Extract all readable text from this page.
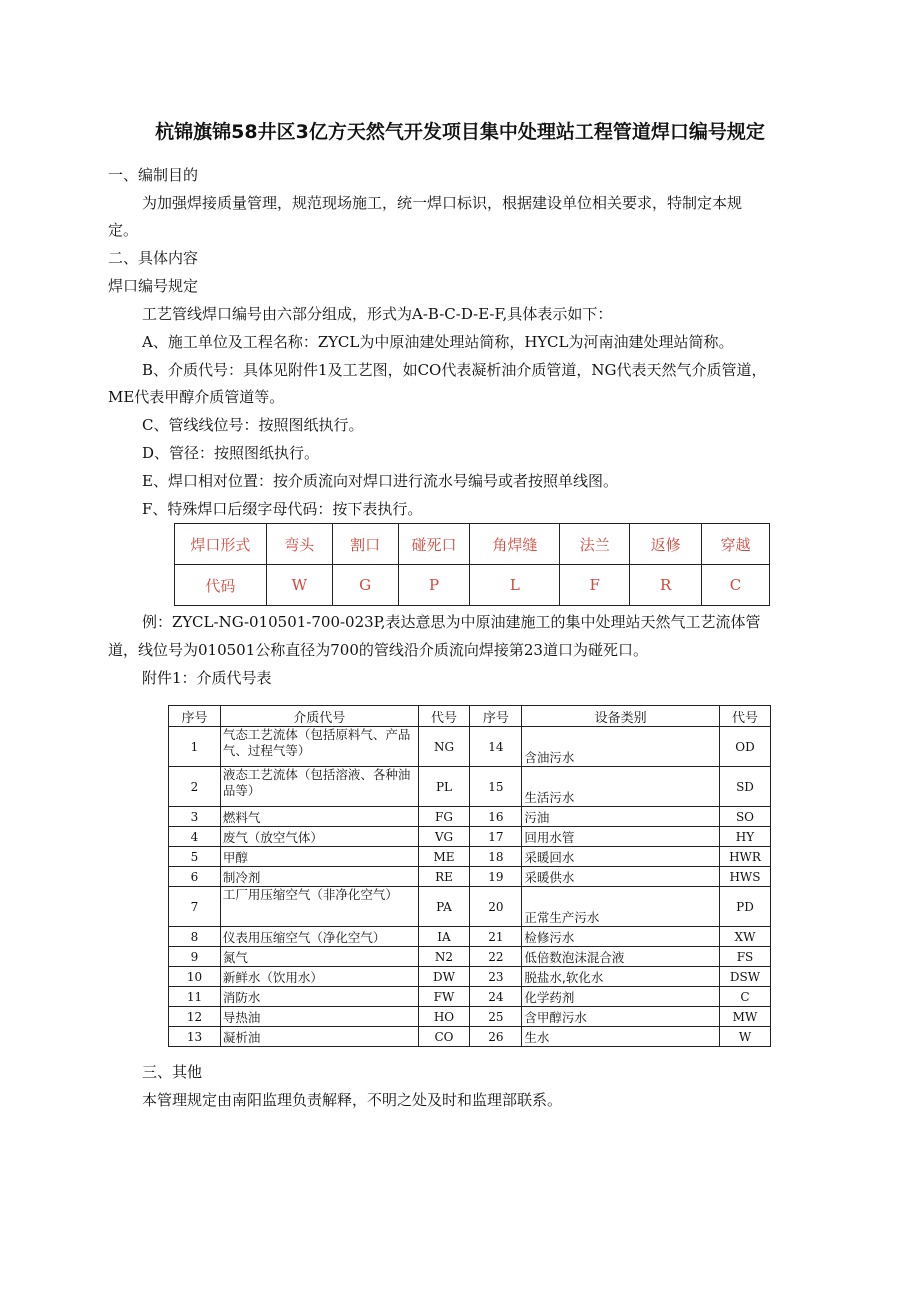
杭锦旗锦58井区3亿方天然气开发项目集中处理站工程管道焊口编号规定
一、编制目的
为加强焊接质量管理，规范现场施工，统一焊口标识，根据建设单位相关要求，特制定本规
定。
二、具体内容
焊口编号规定
工艺管线焊口编号由六部分组成，形式为A-B-C-D-E-F,具体表示如下：
A、施工单位及工程名称：ZYCL为中原油建处理站简称，HYCL为河南油建处理站简称。
B、介质代号：具体见附件1及工艺图，如CO代表凝析油介质管道，NG代表天然气介质管道，
ME代表甲醇介质管道等。
C、管线线位号：按照图纸执行。
D、管径：按照图纸执行。
E、焊口相对位置：按介质流向对焊口进行流水号编号或者按照单线图。
F、特殊焊口后缀字母代码：按下表执行。
焊口形式	弯头	割口	碰死口	角焊缝	法兰	返修	穿越
代码	W	G	P	L	F	R	C
例：ZYCL-NG-010501-700-023P,表达意思为中原油建施工的集中处理站天然气工艺流体管
道，线位号为010501公称直径为700的管线沿介质流向焊接第23道口为碰死口。
附件1：介质代号表
序号	介质代号	代号	序号	设备类别	代号
1	气态工艺流体（包括原料气、产品气、过程气等）	NG	14	含油污水	OD
2	液态工艺流体（包括溶液、各种油品等）	PL	15	生活污水	SD
3	燃料气	FG	16	污油	SO
4	废气（放空气体）	VG	17	回用水管	HY
5	甲醇	ME	18	采暖回水	HWR
6	制冷剂	RE	19	采暖供水	HWS
7	工厂用压缩空气（非净化空气）	PA	20	正常生产污水	PD
8	仪表用压缩空气（净化空气）	IA	21	检修污水	XW
9	氮气	N2	22	低倍数泡沫混合液	FS
10	新鲜水（饮用水）	DW	23	脱盐水,软化水	DSW
11	消防水	FW	24	化学药剂	C
12	导热油	HO	25	含甲醇污水	MW
13	凝析油	CO	26	生水	W
三、其他
本管理规定由南阳监理负责解释，不明之处及时和监理部联系。
